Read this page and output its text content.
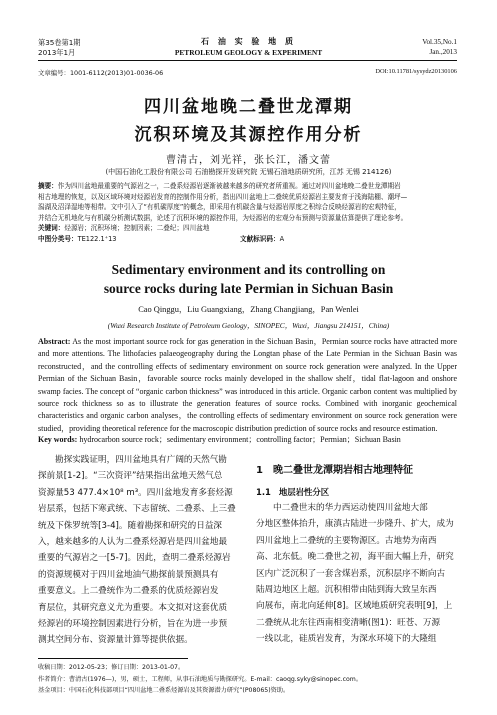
第35卷第1期
2013年1月
石 油 实 验 地 质
PETROLEUM GEOLOGY & EXPERIMENT
Vol.35,No.1
Jan.,2013
文章编号：1001-6112(2013)01-0036-06	DOI:10.11781/sysydz20130106
四川盆地晚二叠世龙潭期
沉积环境及其源控作用分析
曹清古，刘光祥，张长江，潘文蕾
(中国石油化工股份有限公司 石油勘探开发研究院 无锡石油地质研究所，江苏 无锡 214126)
摘要：作为四川盆地最重要的气源岩之一，二叠系烃源岩逐渐被越来越多的研究者所重视。通过对四川盆地晚二叠世龙潭期岩
相古地理的恢复，以及区域环境对烃源岩发育的控制作用分析，指出四川盆地上二叠统优质烃源岩主要发育于浅海陆棚、潮坪—
潟湖及沼泽湿地等相带。文中引入了“有机碳厚度”的概念，即采用有机碳含量与烃源岩厚度之积综合反映烃源岩的宏观特征，
并结合无机地化与有机碳分析测试数据，论述了沉积环境的源控作用，为烃源岩的宏观分布预测与资源量估算提供了理论参考。
关键词：烃源岩；沉积环境；控制因素；二叠纪；四川盆地
中图分类号：TE122.1⁺13	文献标识码：A
Sedimentary environment and its controlling on
source rocks during late Permian in Sichuan Basin
Cao Qinggu，Liu Guangxiang，Zhang Changjiang，Pan Wenlei
(Wuxi Research Institute of Petroleum Geology，SINOPEC，Wuxi，Jiangsu 214151，China)
Abstract: As the most important source rock for gas generation in the Sichuan Basin，Permian source rocks have attracted more and more attentions. The lithofacies palaeogeography during the Longtan phase of the Late Permian in the Sichuan Basin was reconstructed，and the controlling effects of sedimentary environment on source rock generation were analyzed. In the Upper Permian of the Sichuan Basin，favorable source rocks mainly developed in the shallow shelf，tidal flat-lagoon and onshore swamp facies. The concept of “organic carbon thickness” was introduced in this article. Organic carbon content was multiplied by source rock thickness so as to illustrate the generation features of source rocks. Combined with inorganic geochemical characteristics and organic carbon analyses，the controlling effects of sedimentary environment on source rock generation were studied，providing theoretical reference for the macroscopic distribution prediction of source rocks and resource estimation.
Key words: hydrocarbon source rock；sedimentary environment；controlling factor；Permian；Sichuan Basin
勘探实践证明，四川盆地具有广阔的天然气勘
探前景[1-2]。“三次资评”结果指出盆地天然气总
资源量53 477.4×10⁸ m³。四川盆地发育多套烃源
岩层系，包括下寒武统、下志留统、二叠系、上三叠
统及下侏罗统等[3-4]。随着勘探和研究的日益深
入，越来越多的人认为二叠系烃源岩是四川盆地最
重要的气源岩之一[5-7]。因此，查明二叠系烃源岩
的资源规模对于四川盆地油气勘探前景预测具有
重要意义。上二叠统作为二叠系的优质烃源岩发
育层位，其研究意义尤为重要。本文拟对这套优质
烃源岩的环境控制因素进行分析，旨在为进一步预
测其空间分布、资源量计算等提供依据。
1 晚二叠世龙潭期岩相古地理特征
1.1 地层岩性分区
中二叠世末的华力西运动使四川盆地大部
分地区整体抬升，康滇古陆进一步隆升、扩大，成为
四川盆地上二叠统的主要物源区。古地势为南西
高、北东低。晚二叠世之初，海平面大幅上升，研究
区内广泛沉积了一套含煤岩系，沉积层序不断向古
陆周边地区上超。沉积相带由陆到海大致呈东西
向展布，南北向延伸[8]。区域地质研究表明[9]，上
二叠统从北东往西南相变清晰(图1)：旺苍、万源
一线以北，硅质岩发育，为深水环境下的大隆组
收稿日期：2012-05-23；修订日期：2013-01-07。
作者简介：曹清古(1976—)，男，硕士，工程师，从事石油地质与勘探研究。E-mail：caoqg.syky@sinopec.com。
基金项目：中国石化科技部项目“四川盆地二叠系烃源岩及其资源潜力研究”(P08065)资助。
